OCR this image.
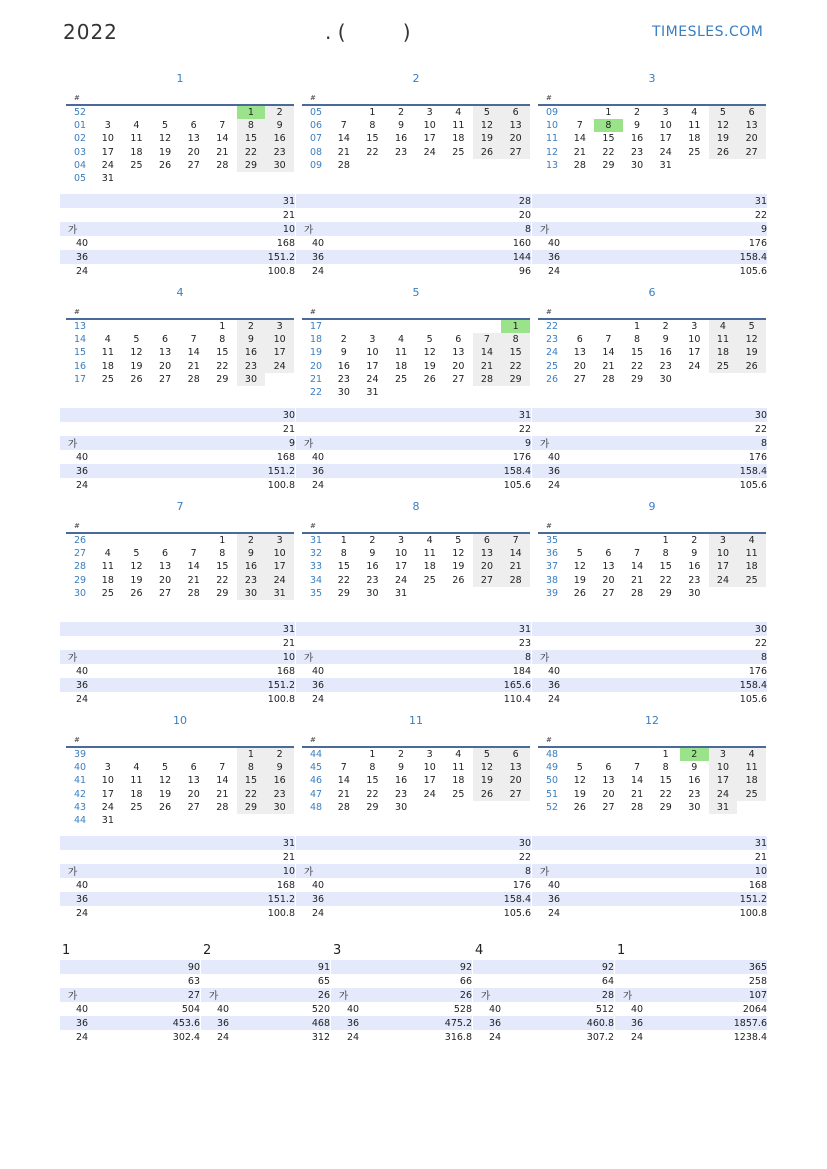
2022	. (         )	TIMESLES.COM
1
#
52						1	2
01	3	4	5	6	7	8	9
02	10	11	12	13	14	15	16
03	17	18	19	20	21	22	23
04	24	25	26	27	28	29	30
05	31						
31
21
가	10
40	168
36	151.2
24	100.8
2
#
05		1	2	3	4	5	6
06	7	8	9	10	11	12	13
07	14	15	16	17	18	19	20
08	21	22	23	24	25	26	27
09	28						
28
20
가	8
40	160
36	144
24	96
3
#
09		1	2	3	4	5	6
10	7	8	9	10	11	12	13
11	14	15	16	17	18	19	20
12	21	22	23	24	25	26	27
13	28	29	30	31			
31
22
가	9
40	176
36	158.4
24	105.6
4
#
13					1	2	3
14	4	5	6	7	8	9	10
15	11	12	13	14	15	16	17
16	18	19	20	21	22	23	24
17	25	26	27	28	29	30	
30
21
가	9
40	168
36	151.2
24	100.8
5
#
17							1
18	2	3	4	5	6	7	8
19	9	10	11	12	13	14	15
20	16	17	18	19	20	21	22
21	23	24	25	26	27	28	29
22	30	31					
31
22
가	9
40	176
36	158.4
24	105.6
6
#
22			1	2	3	4	5
23	6	7	8	9	10	11	12
24	13	14	15	16	17	18	19
25	20	21	22	23	24	25	26
26	27	28	29	30			
30
22
가	8
40	176
36	158.4
24	105.6
7
#
26					1	2	3
27	4	5	6	7	8	9	10
28	11	12	13	14	15	16	17
29	18	19	20	21	22	23	24
30	25	26	27	28	29	30	31
31
21
가	10
40	168
36	151.2
24	100.8
8
#
31	1	2	3	4	5	6	7
32	8	9	10	11	12	13	14
33	15	16	17	18	19	20	21
34	22	23	24	25	26	27	28
35	29	30	31				
31
23
가	8
40	184
36	165.6
24	110.4
9
#
35				1	2	3	4
36	5	6	7	8	9	10	11
37	12	13	14	15	16	17	18
38	19	20	21	22	23	24	25
39	26	27	28	29	30		
30
22
가	8
40	176
36	158.4
24	105.6
10
#
39						1	2
40	3	4	5	6	7	8	9
41	10	11	12	13	14	15	16
42	17	18	19	20	21	22	23
43	24	25	26	27	28	29	30
44	31						
31
21
가	10
40	168
36	151.2
24	100.8
11
#
44		1	2	3	4	5	6
45	7	8	9	10	11	12	13
46	14	15	16	17	18	19	20
47	21	22	23	24	25	26	27
48	28	29	30				
30
22
가	8
40	176
36	158.4
24	105.6
12
#
48				1	2	3	4
49	5	6	7	8	9	10	11
50	12	13	14	15	16	17	18
51	19	20	21	22	23	24	25
52	26	27	28	29	30	31	
31
21
가	10
40	168
36	151.2
24	100.8
1
90
63
가	27
40	504
36	453.6
24	302.4
2
91
65
가	26
40	520
36	468
24	312
3
92
66
가	26
40	528
36	475.2
24	316.8
4
92
64
가	28
40	512
36	460.8
24	307.2
1
365
258
가	107
40	2064
36	1857.6
24	1238.4
